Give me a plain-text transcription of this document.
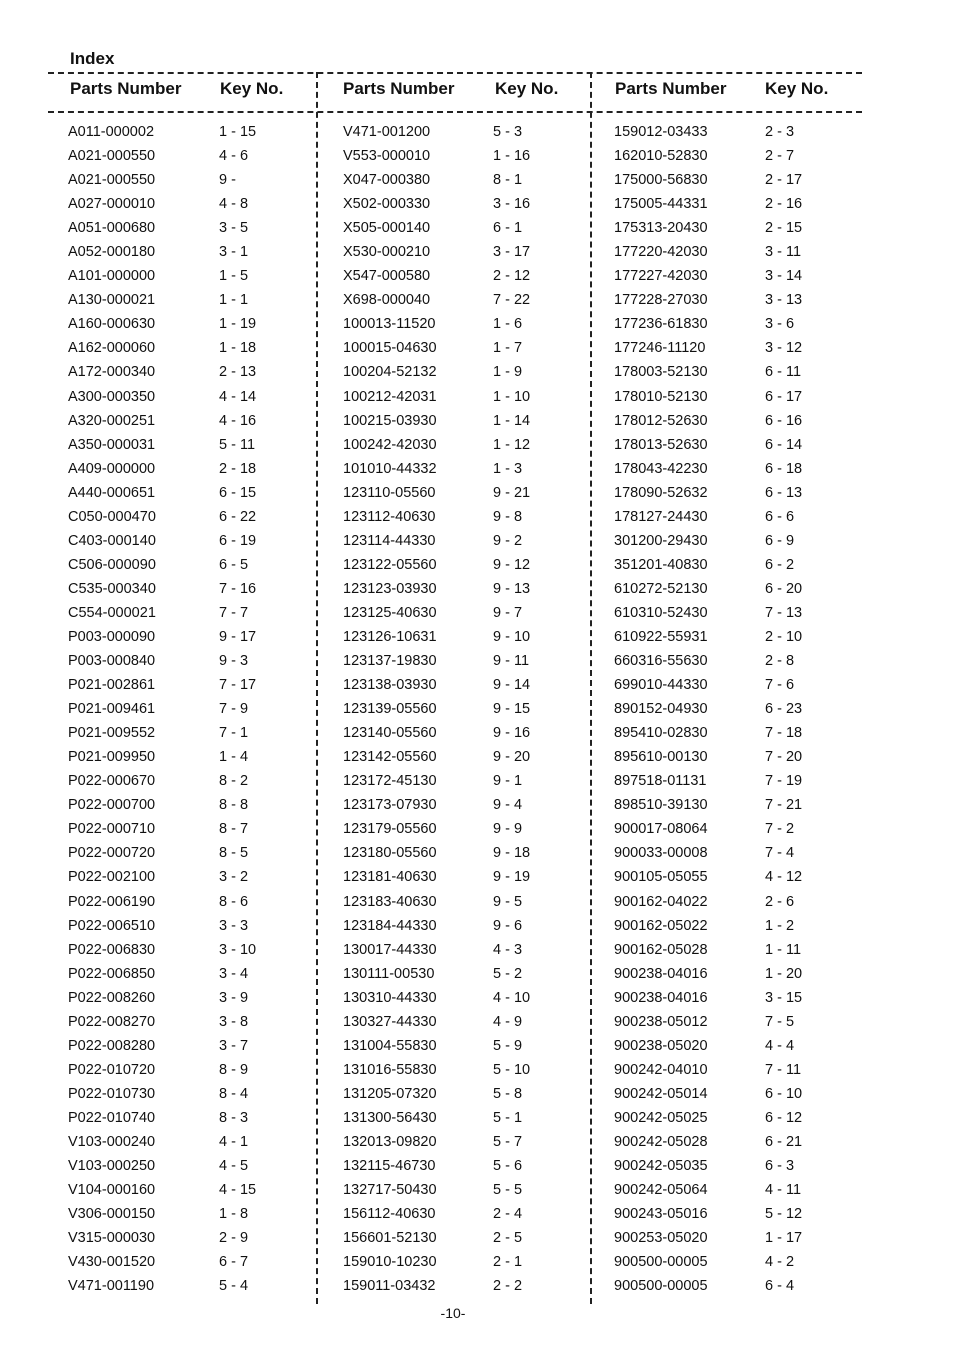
Index
Parts Number Key No.
A011-000002	1 - 15
A021-000550	4 - 6
A021-000550	9 -
A027-000010	4 - 8
A051-000680	3 - 5
A052-000180	3 - 1
A101-000000	1 - 5
A130-000021	1 - 1
A160-000630	1 - 19
A162-000060	1 - 18
A172-000340	2 - 13
A300-000350	4 - 14
A320-000251	4 - 16
A350-000031	5 - 11
A409-000000	2 - 18
A440-000651	6 - 15
C050-000470	6 - 22
C403-000140	6 - 19
C506-000090	6 - 5
C535-000340	7 - 16
C554-000021	7 - 7
P003-000090	9 - 17
P003-000840	9 - 3
P021-002861	7 - 17
P021-009461	7 - 9
P021-009552	7 - 1
P021-009950	1 - 4
P022-000670	8 - 2
P022-000700	8 - 8
P022-000710	8 - 7
P022-000720	8 - 5
P022-002100	3 - 2
P022-006190	8 - 6
P022-006510	3 - 3
P022-006830	3 - 10
P022-006850	3 - 4
P022-008260	3 - 9
P022-008270	3 - 8
P022-008280	3 - 7
P022-010720	8 - 9
P022-010730	8 - 4
P022-010740	8 - 3
V103-000240	4 - 1
V103-000250	4 - 5
V104-000160	4 - 15
V306-000150	1 - 8
V315-000030	2 - 9
V430-001520	6 - 7
V471-001190	5 - 4
Parts Number Key No.
V471-001200	5 - 3
V553-000010	1 - 16
X047-000380	8 - 1
X502-000330	3 - 16
X505-000140	6 - 1
X530-000210	3 - 17
X547-000580	2 - 12
X698-000040	7 - 22
100013-11520	1 - 6
100015-04630	1 - 7
100204-52132	1 - 9
100212-42031	1 - 10
100215-03930	1 - 14
100242-42030	1 - 12
101010-44332	1 - 3
123110-05560	9 - 21
123112-40630	9 - 8
123114-44330	9 - 2
123122-05560	9 - 12
123123-03930	9 - 13
123125-40630	9 - 7
123126-10631	9 - 10
123137-19830	9 - 11
123138-03930	9 - 14
123139-05560	9 - 15
123140-05560	9 - 16
123142-05560	9 - 20
123172-45130	9 - 1
123173-07930	9 - 4
123179-05560	9 - 9
123180-05560	9 - 18
123181-40630	9 - 19
123183-40630	9 - 5
123184-44330	9 - 6
130017-44330	4 - 3
130111-00530	5 - 2
130310-44330	4 - 10
130327-44330	4 - 9
131004-55830	5 - 9
131016-55830	5 - 10
131205-07320	5 - 8
131300-56430	5 - 1
132013-09820	5 - 7
132115-46730	5 - 6
132717-50430	5 - 5
156112-40630	2 - 4
156601-52130	2 - 5
159010-10230	2 - 1
159011-03432	2 - 2
Parts Number Key No.
159012-03433	2 - 3
162010-52830	2 - 7
175000-56830	2 - 17
175005-44331	2 - 16
175313-20430	2 - 15
177220-42030	3 - 11
177227-42030	3 - 14
177228-27030	3 - 13
177236-61830	3 - 6
177246-11120	3 - 12
178003-52130	6 - 11
178010-52130	6 - 17
178012-52630	6 - 16
178013-52630	6 - 14
178043-42230	6 - 18
178090-52632	6 - 13
178127-24430	6 - 6
301200-29430	6 - 9
351201-40830	6 - 2
610272-52130	6 - 20
610310-52430	7 - 13
610922-55931	2 - 10
660316-55630	2 - 8
699010-44330	7 - 6
890152-04930	6 - 23
895410-02830	7 - 18
895610-00130	7 - 20
897518-01131	7 - 19
898510-39130	7 - 21
900017-08064	7 - 2
900033-00008	7 - 4
900105-05055	4 - 12
900162-04022	2 - 6
900162-05022	1 - 2
900162-05028	1 - 11
900238-04016	1 - 20
900238-04016	3 - 15
900238-05012	7 - 5
900238-05020	4 - 4
900242-04010	7 - 11
900242-05014	6 - 10
900242-05025	6 - 12
900242-05028	6 - 21
900242-05035	6 - 3
900242-05064	4 - 11
900243-05016	5 - 12
900253-05020	1 - 17
900500-00005	4 - 2
900500-00005	6 - 4
-10-
